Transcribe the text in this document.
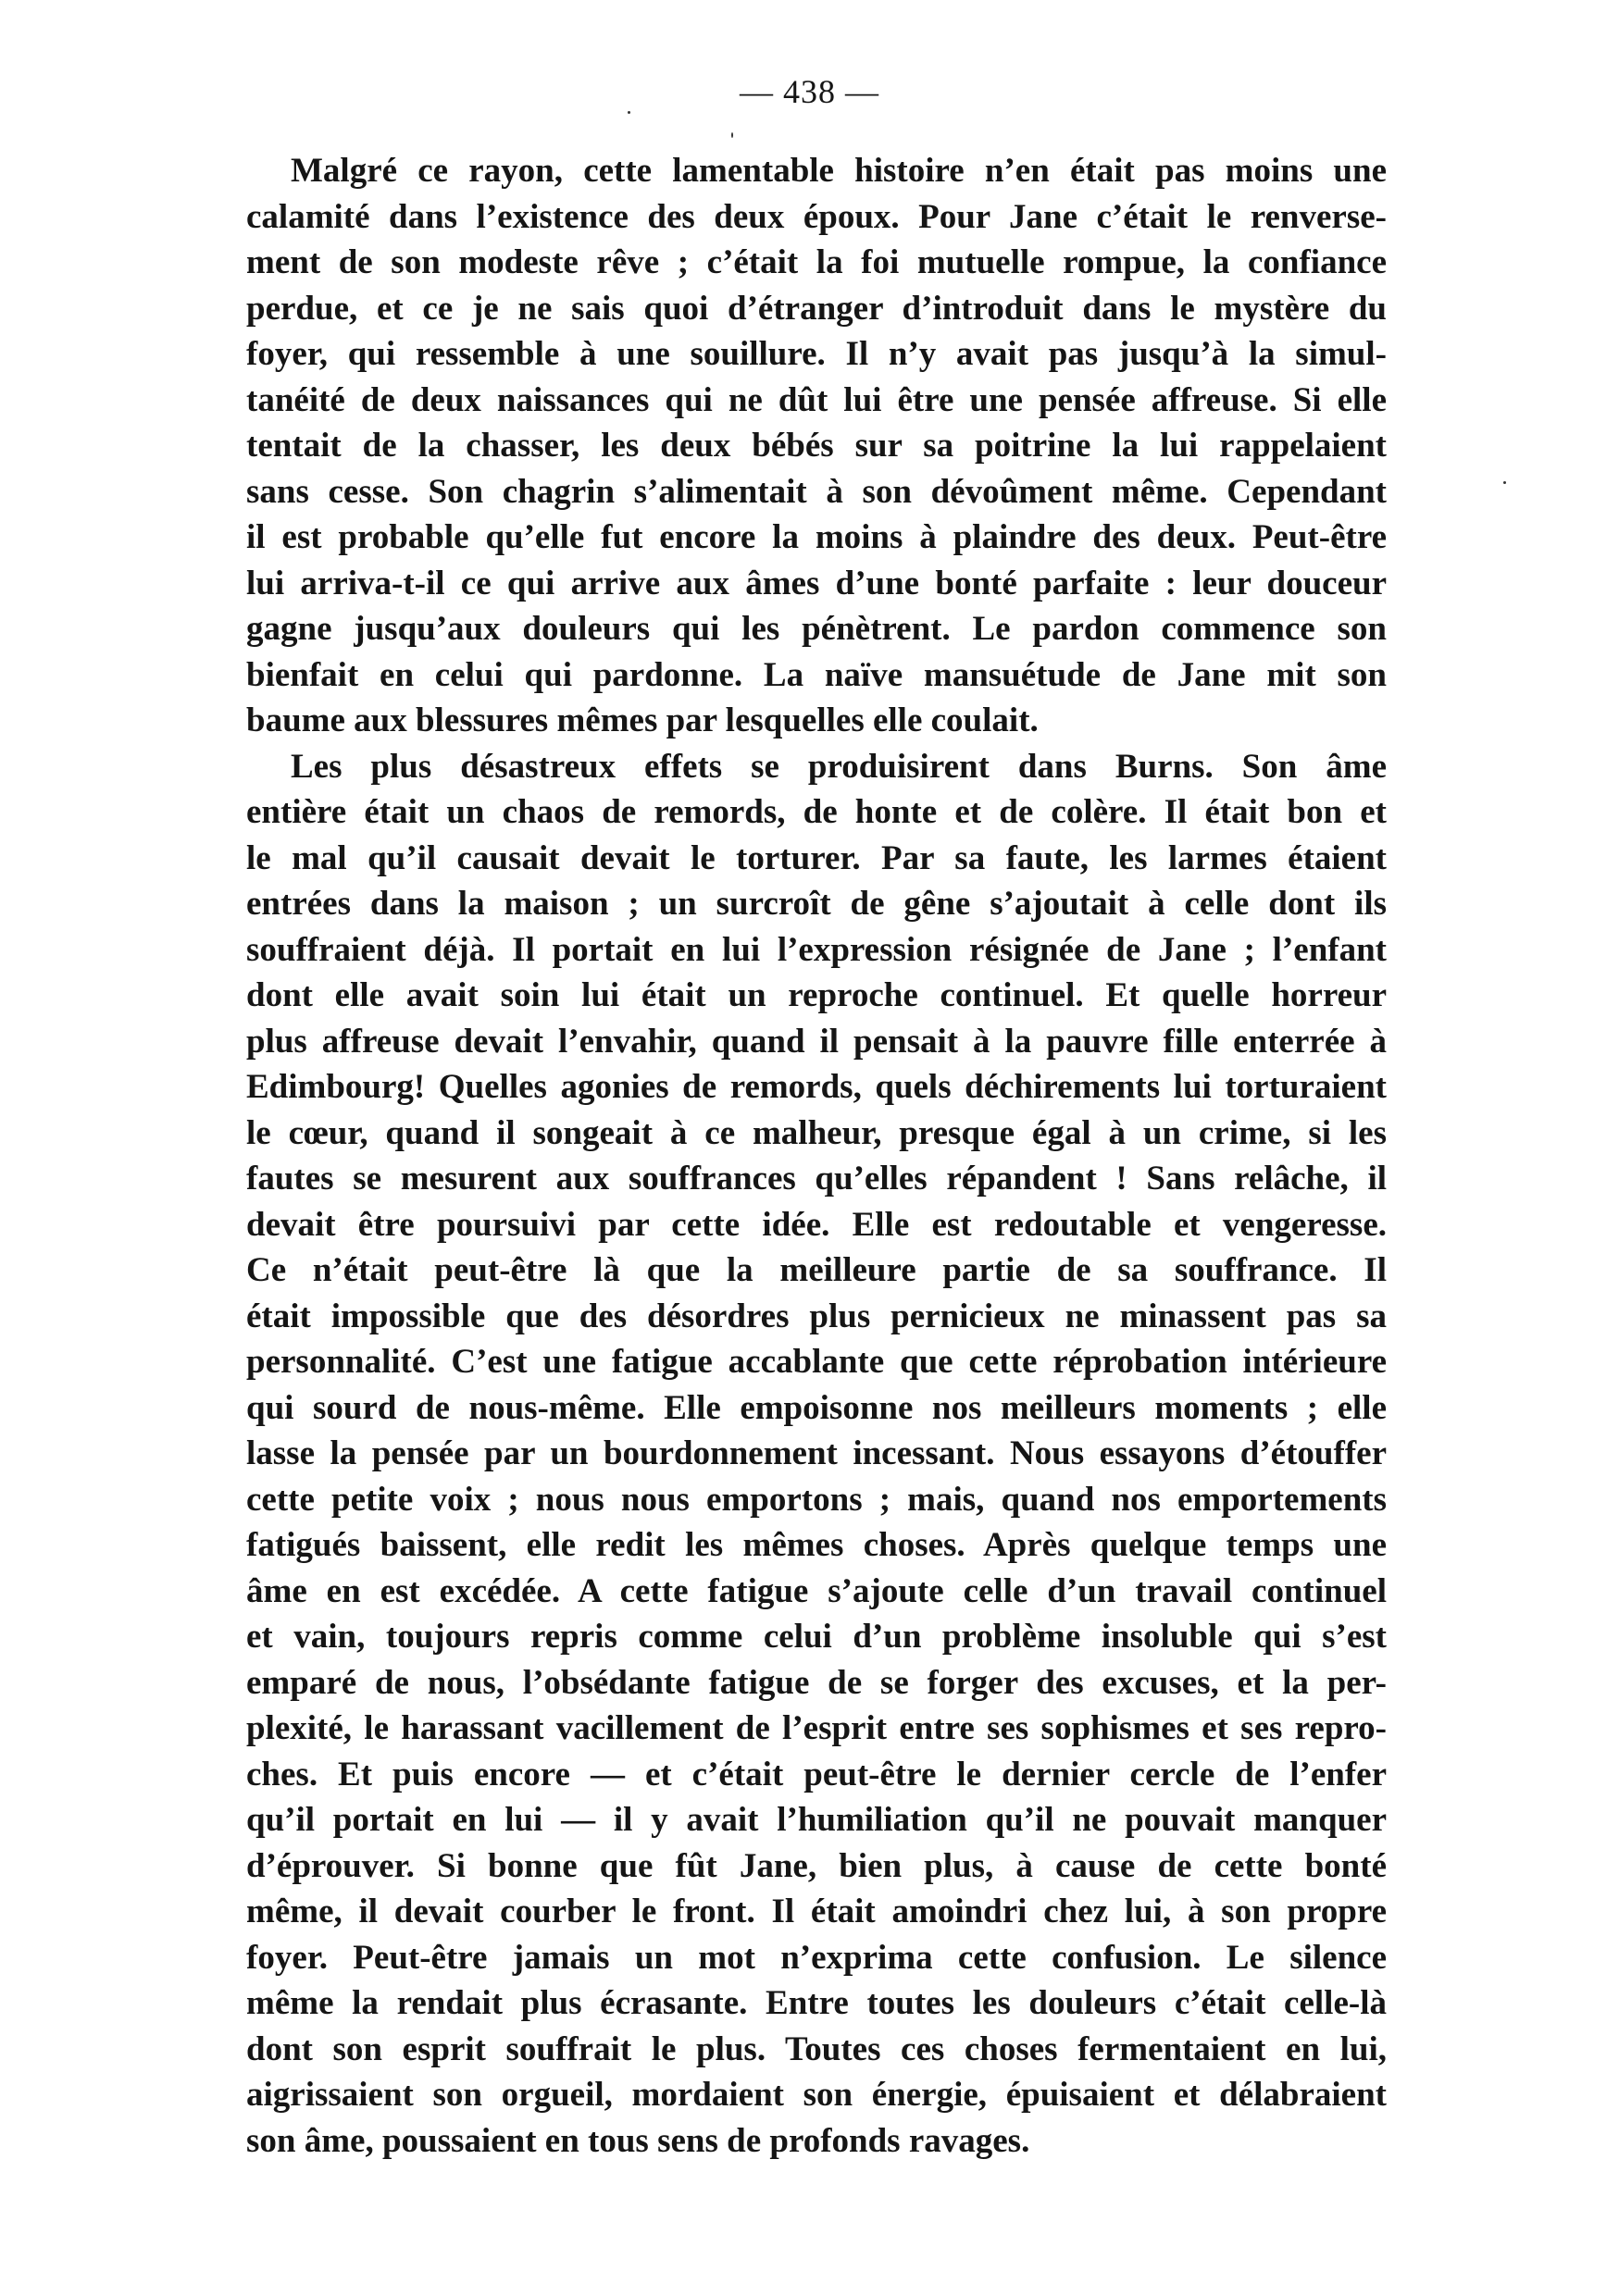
— 438 —

Malgré ce rayon, cette lamentable histoire n’en était pas moins une
calamité dans l’existence des deux époux. Pour Jane c’était le renverse-
ment de son modeste rêve ; c’était la foi mutuelle rompue, la confiance
perdue, et ce je ne sais quoi d’étranger d’introduit dans le mystère du
foyer, qui ressemble à une souillure. Il n’y avait pas jusqu’à la simul-
tanéité de deux naissances qui ne dût lui être une pensée affreuse. Si elle
tentait de la chasser, les deux bébés sur sa poitrine la lui rappelaient
sans cesse. Son chagrin s’alimentait à son dévoûment même. Cependant
il est probable qu’elle fut encore la moins à plaindre des deux. Peut-être
lui arriva-t-il ce qui arrive aux âmes d’une bonté parfaite : leur douceur
gagne jusqu’aux douleurs qui les pénètrent. Le pardon commence son
bienfait en celui qui pardonne. La naïve mansuétude de Jane mit son
baume aux blessures mêmes par lesquelles elle coulait.

Les plus désastreux effets se produisirent dans Burns. Son âme
entière était un chaos de remords, de honte et de colère. Il était bon et
le mal qu’il causait devait le torturer. Par sa faute, les larmes étaient
entrées dans la maison ; un surcroît de gêne s’ajoutait à celle dont ils
souffraient déjà. Il portait en lui l’expression résignée de Jane ; l’enfant
dont elle avait soin lui était un reproche continuel. Et quelle horreur
plus affreuse devait l’envahir, quand il pensait à la pauvre fille enterrée à
Edimbourg! Quelles agonies de remords, quels déchirements lui torturaient
le cœur, quand il songeait à ce malheur, presque égal à un crime, si les
fautes se mesurent aux souffrances qu’elles répandent ! Sans relâche, il
devait être poursuivi par cette idée. Elle est redoutable et vengeresse.
Ce n’était peut-être là que la meilleure partie de sa souffrance. Il
était impossible que des désordres plus pernicieux ne minassent pas sa
personnalité. C’est une fatigue accablante que cette réprobation intérieure
qui sourd de nous-même. Elle empoisonne nos meilleurs moments ; elle
lasse la pensée par un bourdonnement incessant. Nous essayons d’étouffer
cette petite voix ; nous nous emportons ; mais, quand nos emportements
fatigués baissent, elle redit les mêmes choses. Après quelque temps une
âme en est excédée. A cette fatigue s’ajoute celle d’un travail continuel
et vain, toujours repris comme celui d’un problème insoluble qui s’est
emparé de nous, l’obsédante fatigue de se forger des excuses, et la per-
plexité, le harassant vacillement de l’esprit entre ses sophismes et ses repro-
ches. Et puis encore — et c’était peut-être le dernier cercle de l’enfer
qu’il portait en lui — il y avait l’humiliation qu’il ne pouvait manquer
d’éprouver. Si bonne que fût Jane, bien plus, à cause de cette bonté
même, il devait courber le front. Il était amoindri chez lui, à son propre
foyer. Peut-être jamais un mot n’exprima cette confusion. Le silence
même la rendait plus écrasante. Entre toutes les douleurs c’était celle-là
dont son esprit souffrait le plus. Toutes ces choses fermentaient en lui,
aigrissaient son orgueil, mordaient son énergie, épuisaient et délabraient
son âme, poussaient en tous sens de profonds ravages.
